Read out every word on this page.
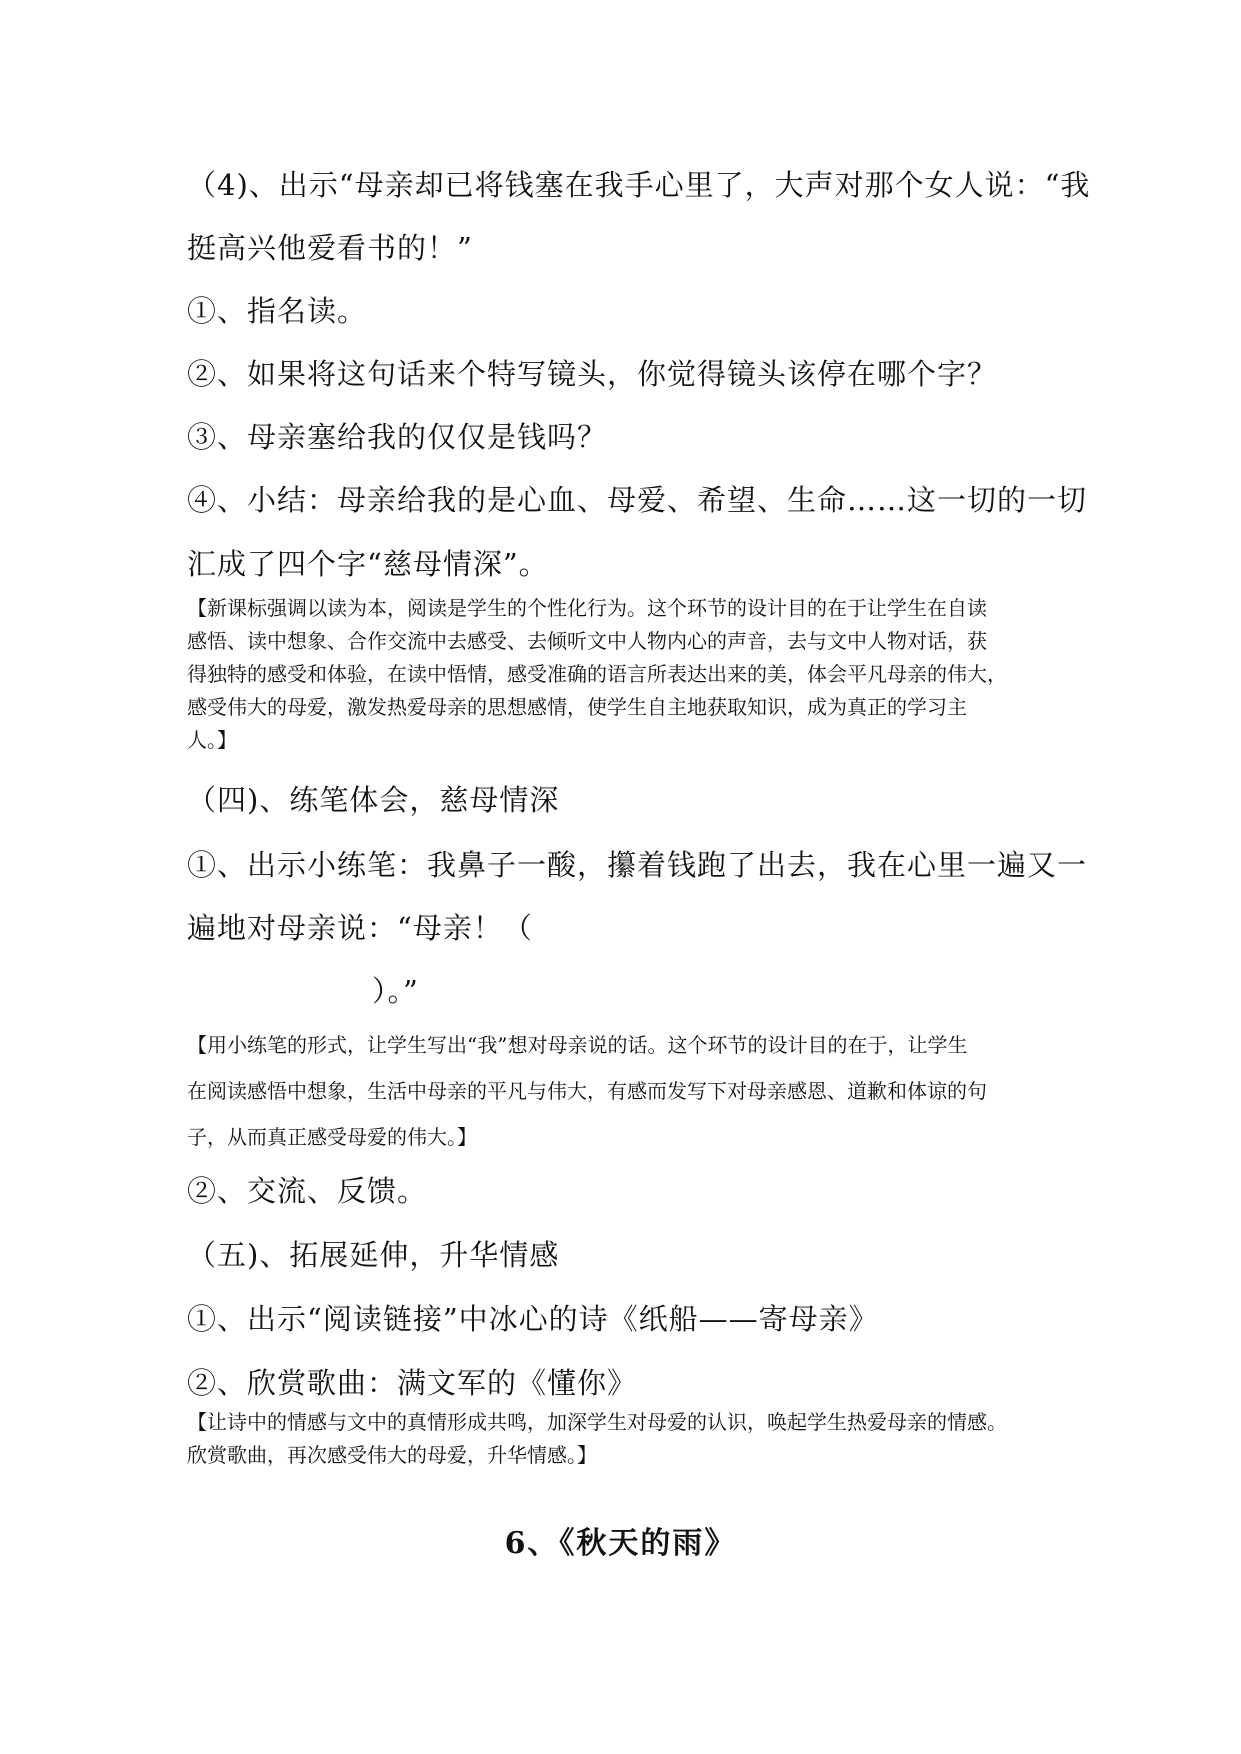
（4)、出示“母亲却已将钱塞在我手心里了，大声对那个女人说：“我
挺高兴他爱看书的！”
①、指名读。
②、如果将这句话来个特写镜头，你觉得镜头该停在哪个字？
③、母亲塞给我的仅仅是钱吗？
④、小结：母亲给我的是心血、母爱、希望、生命……这一切的一切
汇成了四个字“慈母情深”。

【新课标强调以读为本，阅读是学生的个性化行为。这个环节的设计目的在于让学生在自读

感悟、读中想象、合作交流中去感受、去倾听文中人物内心的声音，去与文中人物对话，获

得独特的感受和体验，在读中悟情，感受准确的语言所表达出来的美，体会平凡母亲的伟大，

感受伟大的母爱，激发热爱母亲的思想感情，使学生自主地获取知识，成为真正的学习主

人。】

（四)、练笔体会，慈母情深
①、出示小练笔：我鼻子一酸，攥着钱跑了出去，我在心里一遍又一
遍地对母亲说：“母亲！（
）。”

【用小练笔的形式，让学生写出“我”想对母亲说的话。这个环节的设计目的在于，让学生

在阅读感悟中想象，生活中母亲的平凡与伟大，有感而发写下对母亲感恩、道歉和体谅的句

子，从而真正感受母爱的伟大。】

②、交流、反馈。
（五)、拓展延伸，升华情感
①、出示“阅读链接”中冰心的诗《纸船——寄母亲》
②、欣赏歌曲：满文军的《懂你》

【让诗中的情感与文中的真情形成共鸣，加深学生对母爱的认识，唤起学生热爱母亲的情感。

欣赏歌曲，再次感受伟大的母爱，升华情感。】

6、《秋天的雨》
